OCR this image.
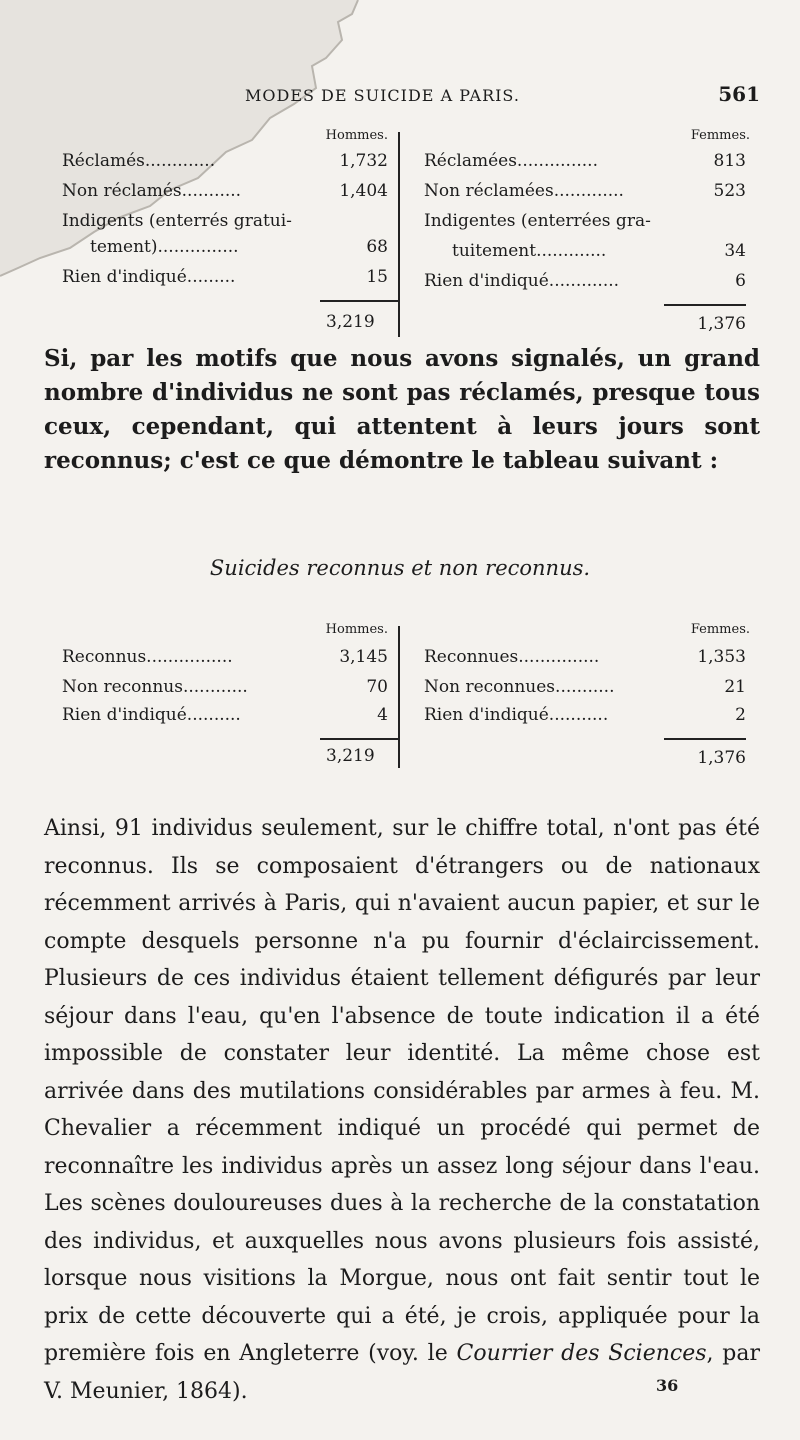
MODES DE SUICIDE A PARIS.	561
Hommes.
Réclamés.............	1,732
Non réclamés...........	1,404
Indigents (enterrés gratui-
tement)...............	68
Rien d'indiqué.........	15
3,219
Femmes.
Réclamées...............	813
Non réclamées.............	523
Indigentes (enterrées gra-
tuitement.............	34
Rien d'indiqué.............	6
1,376

Si, par les motifs que nous avons signalés, un grand nombre d'individus ne sont pas réclamés, presque tous ceux, cependant, qui attentent à leurs jours sont reconnus; c'est ce que démontre le tableau suivant :

Suicides reconnus et non reconnus.
Hommes.
Reconnus................	3,145
Non reconnus............	70
Rien d'indiqué..........	4
3,219
Femmes.
Reconnues...............	1,353
Non reconnues...........	21
Rien d'indiqué...........	2
1,376

Ainsi, 91 individus seulement, sur le chiffre total, n'ont pas été reconnus. Ils se composaient d'étrangers ou de nationaux récemment arrivés à Paris, qui n'avaient aucun papier, et sur le compte desquels personne n'a pu fournir d'éclaircissement. Plusieurs de ces individus étaient tellement défigurés par leur séjour dans l'eau, qu'en l'absence de toute indication il a été impossible de constater leur identité. La même chose est arrivée dans des mutilations considérables par armes à feu. M. Chevalier a récemment indiqué un procédé qui permet de reconnaître les individus après un assez long séjour dans l'eau. Les scènes douloureuses dues à la recherche de la constatation des individus, et auxquelles nous avons plusieurs fois assisté, lorsque nous visitions la Morgue, nous ont fait sentir tout le prix de cette découverte qui a été, je crois, appliquée pour la première fois en Angleterre (voy. le Courrier des Sciences, par V. Meunier, 1864).	36
